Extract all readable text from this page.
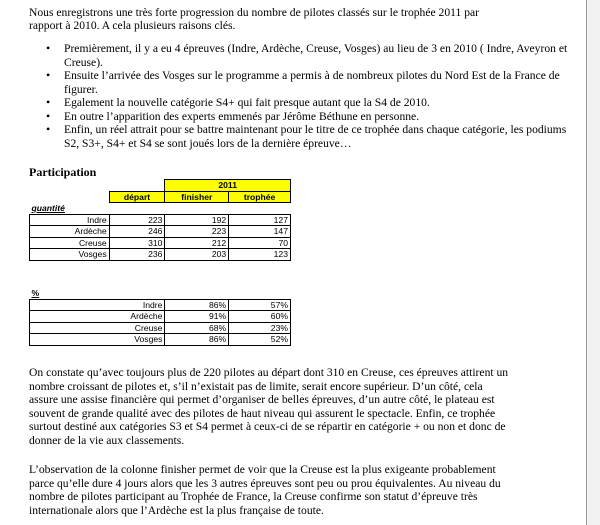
Nous enregistrons une très forte progression du nombre de pilotes classés sur le trophée 2011 par

rapport à 2010. A cela plusieurs raisons clés.

• Premièrement, il y a eu 4 épreuves (Indre, Ardèche, Creuse, Vosges) au lieu de 3 en 2010 ( Indre, Aveyron et Creuse).
• Ensuite l’arrivée des Vosges sur le programme a permis à de nombreux pilotes du Nord Est de la France de figurer.
• Egalement la nouvelle catégorie S4+ qui fait presque autant que la S4 de 2010.
• En outre l’apparition des experts emmenés par Jérôme Béthune en personne.
• Enfin, un réel attrait pour se battre maintenant pour le titre de ce trophée dans chaque catégorie, les podiums S2, S3+, S4+ et S4 se sont joués lors de la dernière épreuve…
Participation
		2011	
	départ	finisher	trophée
quantité			
Indre	223	192	127
Ardèche	246	223	147
Creuse	310	212	70
Vosges	236	203	123
%			
Indre		86%	57%
Ardèche		91%	60%
Creuse		68%	23%
Vosges		86%	52%

On constate qu’avec toujours plus de 220 pilotes au départ dont 310 en Creuse, ces épreuves attirent un

nombre croissant de pilotes et, s’il n’existait pas de limite, serait encore supérieur. D’un côté, cela

assure une assise financière qui permet d’organiser de belles épreuves, d’un autre côté, le plateau est

souvent de grande qualité avec des pilotes de haut niveau qui assurent le spectacle. Enfin, ce trophée

surtout destiné aux catégories S3 et S4 permet à ceux-ci de se répartir en catégorie + ou non et donc de

donner de la vie aux classements.

L’observation de la colonne finisher permet de voir que la Creuse est la plus exigeante probablement

parce qu’elle dure 4 jours alors que les 3 autres épreuves sont peu ou prou équivalentes. Au niveau du

nombre de pilotes participant au Trophée de France, la Creuse confirme son statut d’épreuve très

internationale alors que l’Ardèche est la plus française de toute.
